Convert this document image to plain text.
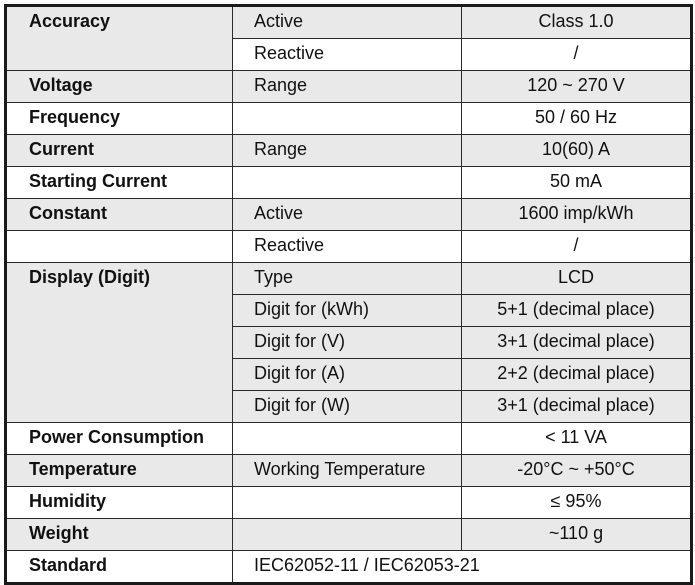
Accuracy	Active	Class 1.0
	Reactive	/
Voltage	Range	120 ~ 270 V
Frequency		50 / 60 Hz
Current	Range	10(60) A
Starting Current		50 mA
Constant	Active	1600 imp/kWh
	Reactive	/
Display (Digit)	Type	LCD
	Digit for (kWh)	5+1 (decimal place)
	Digit for (V)	3+1 (decimal place)
	Digit for (A)	2+2 (decimal place)
	Digit for (W)	3+1 (decimal place)
Power Consumption		< 11 VA
Temperature	Working Temperature	-20°C ~ +50°C
Humidity		≤ 95%
Weight		~110 g
Standard	IEC62052-11 / IEC62053-21	
